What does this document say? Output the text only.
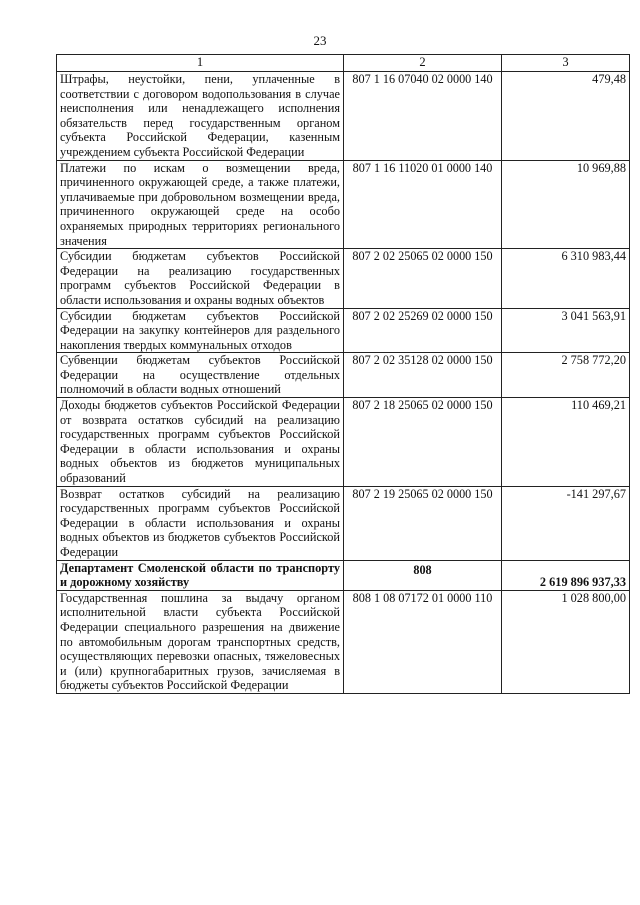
23
1	2	3
Штрафы, неустойки, пени, уплаченные в соответствии с договором водопользования в случае неисполнения или ненадлежащего исполнения обязательств перед государственным органом субъекта Российской Федерации, казенным учреждением субъекта Российской Федерации	807 1 16 07040 02 0000 140	479,48
Платежи по искам о возмещении вреда, причиненного окружающей среде, а также платежи, уплачиваемые при добровольном возмещении вреда, причиненного окружающей среде на особо охраняемых природных территориях регионального значения	807 1 16 11020 01 0000 140	10 969,88
Субсидии бюджетам субъектов Российской Федерации на реализацию государственных программ субъектов Российской Федерации в области использования и охраны водных объектов	807 2 02 25065 02 0000 150	6 310 983,44
Субсидии бюджетам субъектов Российской Федерации на закупку контейнеров для раздельного накопления твердых коммунальных отходов	807 2 02 25269 02 0000 150	3 041 563,91
Субвенции бюджетам субъектов Российской Федерации на осуществление отдельных полномочий в области водных отношений	807 2 02 35128 02 0000 150	2 758 772,20
Доходы бюджетов субъектов Российской Федерации от возврата остатков субсидий на реализацию государственных программ субъектов Российской Федерации в области использования и охраны водных объектов из бюджетов муниципальных образований	807 2 18 25065 02 0000 150	110 469,21
Возврат остатков субсидий на реализацию государственных программ субъектов Российской Федерации в области использования и охраны водных объектов из бюджетов субъектов Российской Федерации	807 2 19 25065 02 0000 150	-141 297,67
Департамент Смоленской области по транспорту и дорожному хозяйству	808	2 619 896 937,33
Государственная пошлина за выдачу органом исполнительной власти субъекта Российской Федерации специального разрешения на движение по автомобильным дорогам транспортных средств, осуществляющих перевозки опасных, тяжеловесных и (или) крупногабаритных грузов, зачисляемая в бюджеты субъектов Российской Федерации	808 1 08 07172 01 0000 110	1 028 800,00
